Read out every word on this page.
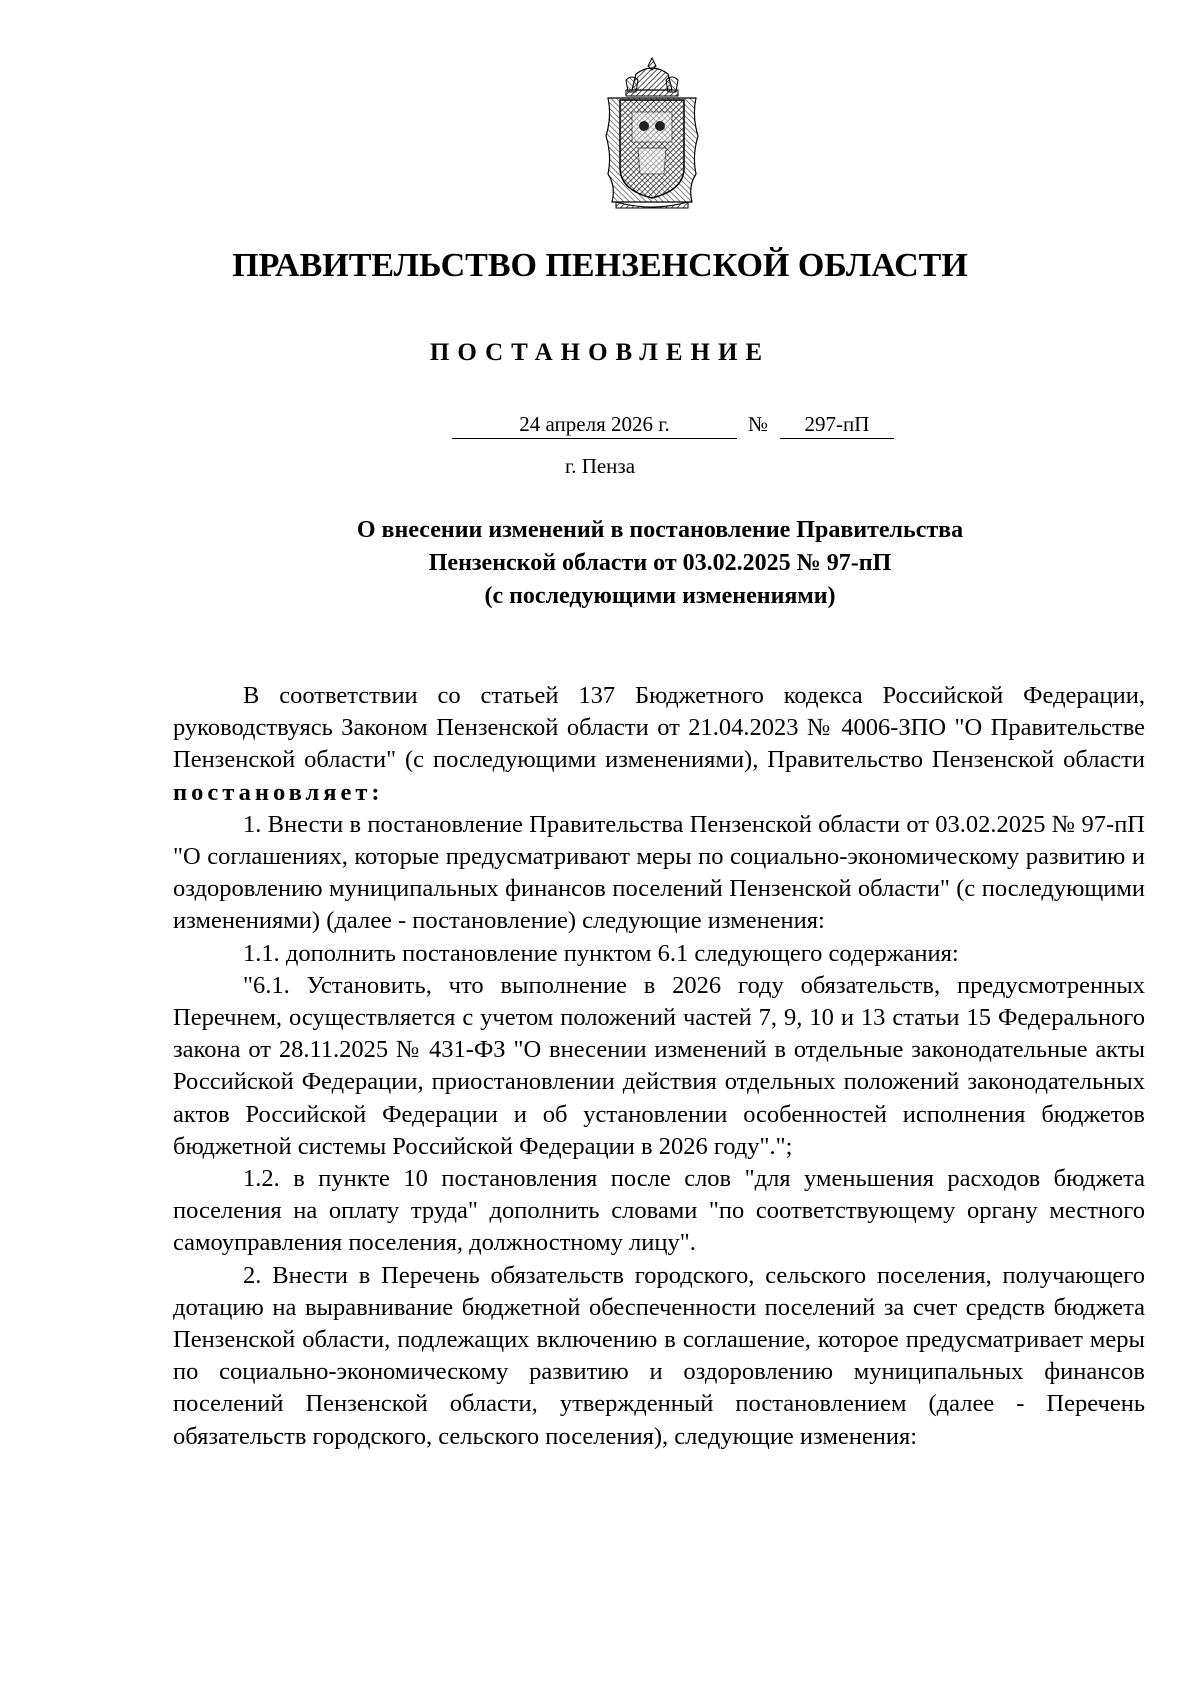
ПРАВИТЕЛЬСТВО ПЕНЗЕНСКОЙ ОБЛАСТИ
ПОСТАНОВЛЕНИЕ
24 апреля 2026 г.	297-пП
№
г. Пенза
О внесении изменений в постановление Правительства
Пензенской области от 03.02.2025 № 97-пП
(с последующими изменениями)

В соответствии со статьей 137 Бюджетного кодекса Российской Федерации, руководствуясь Законом Пензенской области от 21.04.2023 № 4006-ЗПО "О Правительстве Пензенской области" (с последующими изменениями), Правительство Пензенской области постановляет:

1. Внести в постановление Правительства Пензенской области от 03.02.2025 № 97-пП "О соглашениях, которые предусматривают меры по социально-экономическому развитию и оздоровлению муниципальных финансов поселений Пензенской области" (с последующими изменениями) (далее - постановление) следующие изменения:

1.1. дополнить постановление пунктом 6.1 следующего содержания:

"6.1. Установить, что выполнение в 2026 году обязательств, предусмотренных Перечнем, осуществляется с учетом положений частей 7, 9, 10 и 13 статьи 15 Федерального закона от 28.11.2025 № 431-ФЗ "О внесении изменений в отдельные законодательные акты Российской Федерации, приостановлении действия отдельных положений законодательных актов Российской Федерации и об установлении особенностей исполнения бюджетов бюджетной системы Российской Федерации в 2026 году".";

1.2. в пункте 10 постановления после слов "для уменьшения расходов бюджета поселения на оплату труда" дополнить словами "по соответствующему органу местного самоуправления поселения, должностному лицу".

2. Внести в Перечень обязательств городского, сельского поселения, получающего дотацию на выравнивание бюджетной обеспеченности поселений за счет средств бюджета Пензенской области, подлежащих включению в соглашение, которое предусматривает меры по социально-экономическому развитию и оздоровлению муниципальных финансов поселений Пензенской области, утвержденный постановлением (далее - Перечень обязательств городского, сельского поселения), следующие изменения:
